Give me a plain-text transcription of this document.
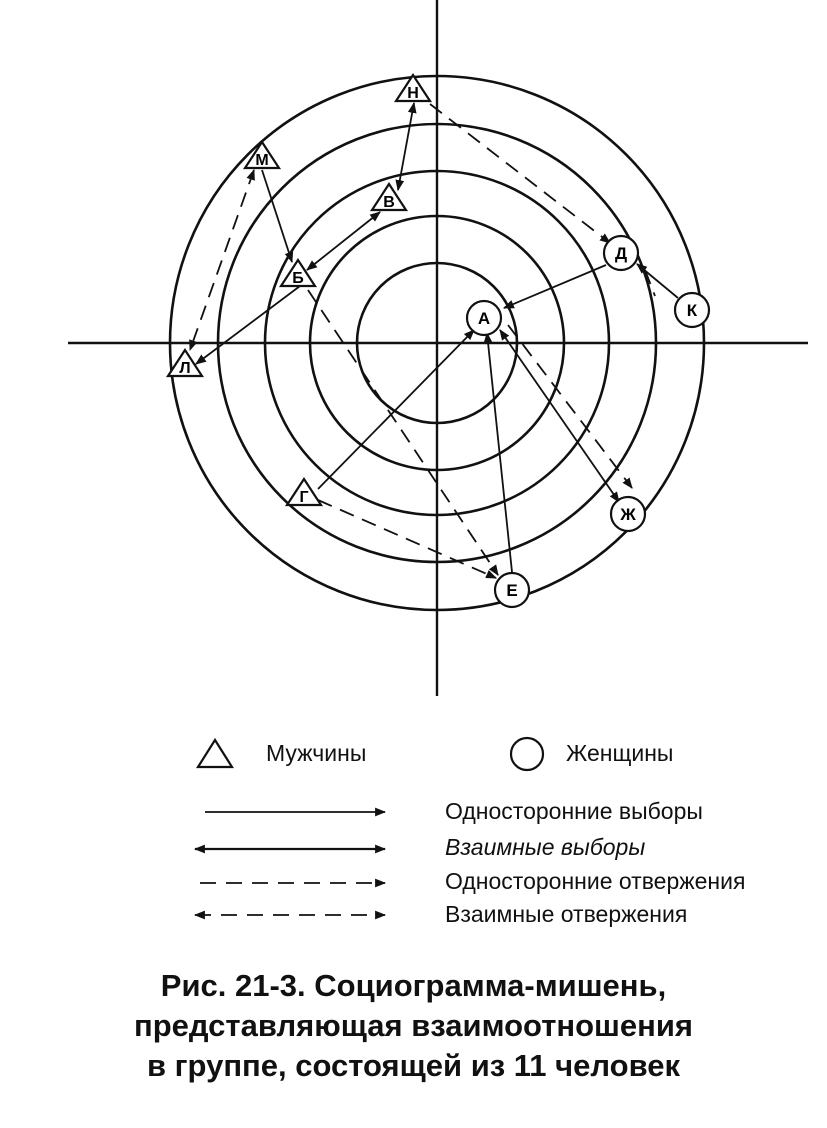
А
Д
Е
Ж
К
Н
М
В
Б
Л
Г
Мужчины	Женщины
Односторонние выборы
Взаимные выборы
Односторонние отвержения
Взаимные отвержения
Рис. 21-3. Социограмма-мишень,
представляющая взаимоотношения
в группе, состоящей из 11 человек
